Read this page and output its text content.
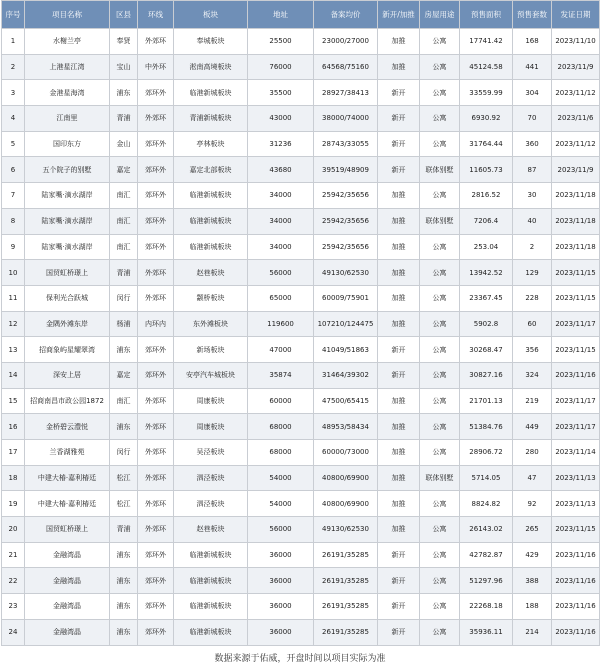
序号	项目名称	区县	环线	板块	地址	备案均价	新开/加推	房屋用途	预售面积	预售套数	发证日期
1	水榭兰亭	奉贤	外郊环	奉城板块	25500	23000/27000	加推	公寓	17741.42	168	2023/11/10
2	上港星江湾	宝山	中外环	淞南高境板块	76000	64568/75160	加推	公寓	45124.58	441	2023/11/9
3	金港星海湾	浦东	郊环外	临港新城板块	35500	28927/38413	新开	公寓	33559.99	304	2023/11/12
4	江南里	青浦	外郊环	青浦新城板块	43000	38000/74000	新开	公寓	6930.92	70	2023/11/6
5	国印东方	金山	郊环外	亭林板块	31236	28743/33055	新开	公寓	31764.44	360	2023/11/12
6	五个院子的别墅	嘉定	郊环外	嘉定北部板块	43680	39519/48909	新开	联体别墅	11605.73	87	2023/11/9
7	陆家嘴·滴水湖岸	南汇	郊环外	临港新城板块	34000	25942/35656	加推	公寓	2816.52	30	2023/11/18
8	陆家嘴·滴水湖岸	南汇	郊环外	临港新城板块	34000	25942/35656	加推	联体别墅	7206.4	40	2023/11/18
9	陆家嘴·滴水湖岸	南汇	郊环外	临港新城板块	34000	25942/35656	加推	公寓	253.04	2	2023/11/18
10	国贸虹桥璟上	青浦	外郊环	赵巷板块	56000	49130/62530	加推	公寓	13942.52	129	2023/11/15
11	保利光合跃城	闵行	外郊环	颛桥板块	65000	60009/75901	加推	公寓	23367.45	228	2023/11/15
12	金隅外滩东岸	杨浦	内环内	东外滩板块	119600	107210/124475	加推	公寓	5902.8	60	2023/11/17
13	招商象屿星耀翠湾	浦东	郊环外	新场板块	47000	41049/51863	新开	公寓	30268.47	356	2023/11/15
14	深安上居	嘉定	郊环外	安亭汽车城板块	35874	31464/39302	新开	公寓	30827.16	324	2023/11/16
15	招商南昌市政公园1872	南汇	外郊环	周康板块	60000	47500/65415	加推	公寓	21701.13	219	2023/11/17
16	金桥碧云澧悦	浦东	外郊环	周康板块	68000	48953/58434	加推	公寓	51384.76	449	2023/11/17
17	兰香湖雅苑	闵行	外郊环	吴泾板块	68000	60000/73000	加推	公寓	28906.72	280	2023/11/14
18	中建大椿·嘉利椿廷	松江	外郊环	泗泾板块	54000	40800/69900	加推	联体别墅	5714.05	47	2023/11/13
19	中建大椿·嘉利椿廷	松江	外郊环	泗泾板块	54000	40800/69900	加推	公寓	8824.82	92	2023/11/13
20	国贸虹桥璟上	青浦	外郊环	赵巷板块	56000	49130/62530	加推	公寓	26143.02	265	2023/11/15
21	金融湾晶	浦东	郊环外	临港新城板块	36000	26191/35285	新开	公寓	42782.87	429	2023/11/16
22	金融湾晶	浦东	郊环外	临港新城板块	36000	26191/35285	新开	公寓	51297.96	388	2023/11/16
23	金融湾晶	浦东	郊环外	临港新城板块	36000	26191/35285	新开	公寓	22268.18	188	2023/11/16
24	金融湾晶	浦东	郊环外	临港新城板块	36000	26191/35285	新开	公寓	35936.11	214	2023/11/16
数据来源于佑威，开盘时间以项目实际为准
